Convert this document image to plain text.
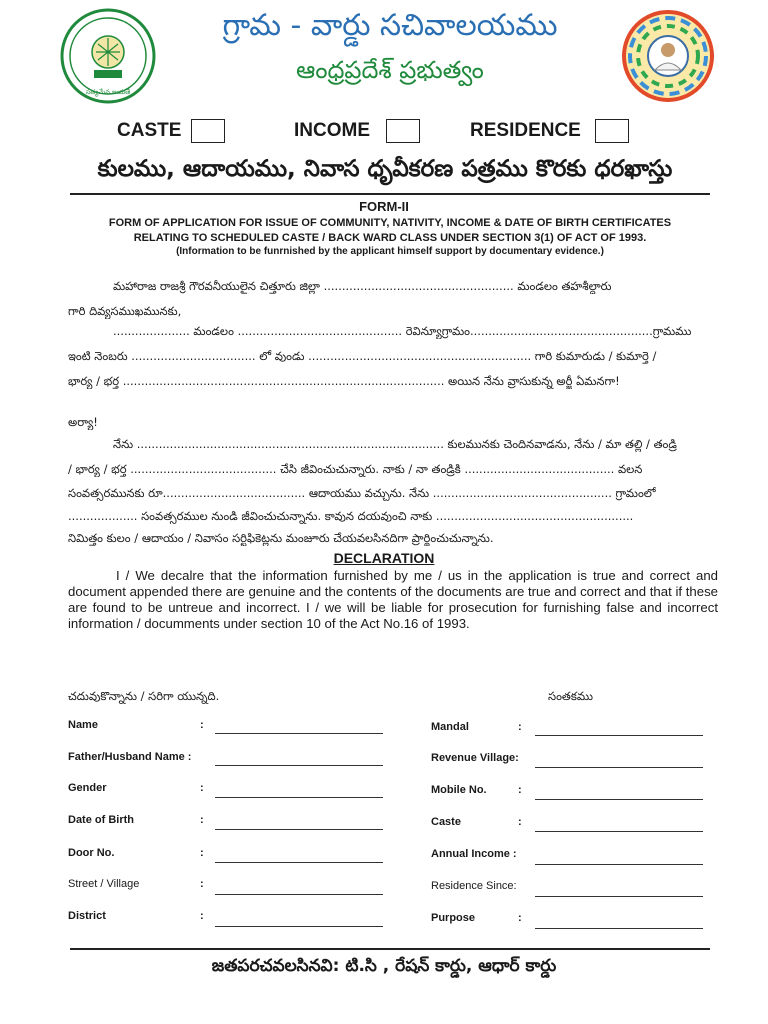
సత్యమేవ జయతే
గ్రామ - వార్డు సచివాలయము
ఆంధ్రప్రదేశ్ ప్రభుత్వం
CASTE	INCOME	RESIDENCE
కులము, ఆదాయము, నివాస ధృవీకరణ పత్రము కొరకు ధరఖాస్తు
FORM-II
FORM OF APPLICATION FOR ISSUE OF COMMUNITY, NATIVITY, INCOME & DATE OF BIRTH CERTIFICATES
RELATING TO SCHEDULED CASTE / BACK WARD CLASS UNDER SECTION 3(1) OF ACT OF 1993.
(Information to be funrnished by the applicant himself support by documentary evidence.)
మహారాజ రాజశ్రీ గౌరవనీయులైన చిత్తూరు జిల్లా .................................................... మండలం తహశీల్దారు
గారి దివ్యసముఖమునకు,
..................... మండలం ............................................. రెవిన్యూగ్రామం..................................................గ్రామము
ఇంటి నెంబరు .................................. లో వుండు ............................................................. గారి కుమారుడు / కుమార్తె /
భార్య / భర్త ........................................................................................ అయిన నేను వ్రాసుకున్న అర్జీ ఏమనగా!
అర్యా!
నేను .................................................................................... కులమునకు చెందినవాడను, నేను / మా తల్లి / తండ్రి
/ భార్య / భర్త ........................................ చేసి జీవించుచున్నారు. నాకు / నా తండ్రికి ......................................... వలన
సంవత్సరమునకు రూ....................................... ఆదాయము వచ్చును. నేను ................................................. గ్రామంలో
................... సంవత్సరముల నుండి జీవించుచున్నాను. కావున దయవుంచి నాకు ......................................................
నిమిత్తం కులం / ఆదాయం / నివాసం సర్టిఫికెట్లను మంజూరు చేయవలసినదిగా ప్రార్థించుచున్నాను.
DECLARATION
I / We decalre that the information furnished by me / us in the application is true and correct and document appended there are genuine and the contents of the documents are true and correct and that if these are found to be untreue and incorrect. I / we will be liable for prosecution for furnishing false and incorrect information / documments under section 10 of the Act No.16 of 1993.
చదువుకొన్నాను / సరిగా యున్నది.	సంతకము
Name	:
Father/Husband Name :
Gender	:
Date of Birth	:
Door No.	:
Street / Village	:
District	:
Mandal	:
Revenue Village:
Mobile No.	:
Caste	:
Annual Income :
Residence Since:
Purpose	:
జతపరచవలసినవి: టి.సి , రేషన్ కార్డు, ఆధార్ కార్డు
